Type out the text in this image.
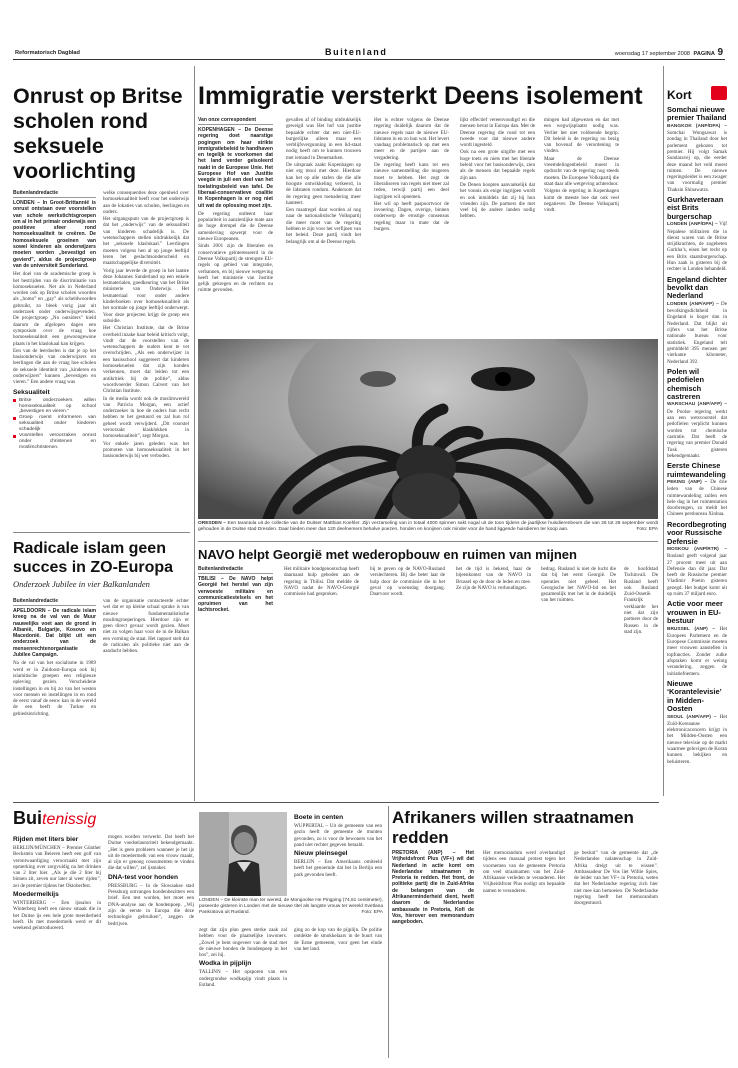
Reformatorisch Dagblad	Buitenland	woensdag 17 september 2008 PAGINA 9
Onrust op Britse scholen rond seksuele voorlichting
Buitenlandredactie
LONDEN – In Groot-Brittannië is onrust ontstaan over voorstellen van schole werkstichtsgroepen om al in het primair onderwijs een positieve sfeer rond homoseksualiteit te creëren. De homoseksuele groeinen van sowel kinderen als onderwijzers moeten worden „bevestigd en gevierd”, aldus de projectgroep van de universiteit Sunderland.

Het doel van de academische groep is het bestrijden van de discriminatie van homoseksuelen. Net als in Nederland worden ook op Britse scholen woorden als „homo” en „gay” als scheldwoorden gebruikt, zo bleek vorig jaar uit onderzoek onder onderwijsgevenden. De projectgroep „No outsiders” hield daarom de afgelopen dagen een symposium over de vraag hoe homoseksualiteit een gewoongewone plaats in het klaslokaal kan krijgen.

Een van de leerdoelen is dat je op het basisonderwijs van onderwijzers en leerlingen die aan de vraag hoe scholen de seksuele identiteit van „kinderen en onderwijzers” kunnen „bevestigen en vieren.” Een andere vraag was

Seksualiteit
Britse onderzoekers willen homoseksualiteit op school „bevestigen en vieren.”
Groep roemt informeren van seksualiteit onder kinderen schadelijk
Voorstellen veroorzaken onrust onder christenen en moslimchristenen.

welke consequenties deze openheid over homoseksualiteit heeft voor het onderwijs aan de lokaties van scholen, leerlingen en ouders.

Het uitgangspunt van de projectgroep is dat het „onderwijs” van de seksualiteit van kinderen schadelijk is. De wetenschappers stellen uitdrukkelijk dat het „seksuele klaslokaal.” Leerlingen moeten volgens hen al op jonge leeftijd leren het geslachtsonderscheid en maatschappelijke diversiteit.

Vorig jaar leverde de groep in het laatste deze Johannes Sunderland op een enkele lesmaterialen, goedkeuring van het Britse ministerie van Onderwijs. Het lesmateriaal voor onder andere kinderboeken over homoseksualiteit als het normale op jonge leeftijd onderwerpt. Voor deze projecten krijgt de groep een subsidie.

Het Christian Institute, dat de Britse overheid inzake haar beleid kritisch volgt, vindt dat de voorstellen van de wetenschappers de ouders kent te vet overschrijden. „Als een onderwijzer in een basisschool suggereert dat kinderen homoseksuelen dat zijn konden verkennen, moet dat leiden tot een antikritiek bij de politie”, aldus woordvoerder Simon Calvert van het Christian Institute.

In de media wordt ook de moslimwereld van Patricia Morgan, een actief onderzoeker in hoe de ouders hun recht hebben te het gestuurd en zal hun rol geheel wordt verwijderd. „Dit voorstel veroorzakt klasklokken in homoseksualiteit”, zegt Morgan.

Vor enkele jaren geleden was het promoten van homoseksualiteit in het basisonderwijs bij wet verboden.

Radicale islam geen succes in ZO-Europa
Onderzoek Jubilee in vier Balkanlanden
Buitenlandredactie
APELDOORN – De radicale islam kreeg na de val van de Muur nauwelijks voet aan de grond in Albanië, Bulgarije, Kosovo en Macedonië. Dat blijkt uit een onderzoek van de mensenrechtenorganisatie Jubilee Campaign.

Na de val van het socialisme in 1989 werd er in Zuidoost-Europa ook bij islamitische groepen een religieuze opleving gezien. Verscheidene instellingen in en bij zo van het westen voor mensen en instellingen in en rond de eerst vanaf de eeuw kan in de wereld de een heeft de Turkse en gebiedsinrichting.

van de organisatie contacteerde echter wel dat er op kleine schaal sprake is van nieuwe fundamentalistische moslimgroeperingen. Hierdoor zijn er geen direct gevaar wordt gezien. Moet niet zo volgen haar voor de in de Balkan een vorming de staat. Het rapport stelt dat de radicalen als politieke niet aan de aandacht hebben.

Immigratie versterkt Deens isolement
Van onze correspondent
KOPENHAGEN – De Deense regering doet naarstige pogingen om haar strikte immigratiebeleid te handhaven en tegelijk te voorkomen dat het land verder geïsoleerd raakt in de Europese Unie. Het Europese Hof van Justitie veegde in juli een deel van het toelatingsbeleid van tafel. De liberaal-conservatieve coalitie in Kopenhagen is er nog niet uit wat de oplossing moet zijn.

De regering ontleent haar populariteit in aanzienlijke mate aan de hoge drempel die de Deense samenleving opwerpt voor de nieuwe Europeanen.

Sinds 2001 zijn de liberalen en conservatieve geïnteresseerd in de Deense Volkspartij de strengste EU-regels op gebied van integratie, verbannen, en bij nieuwe wetgeving heeft het ministerie van Justitie gelijk gekregen en de rechters nu ruimte gevonden.

gevallen af of binding uitdrukkelijk geweigd was Het hof van justitie bepaalde echter dat een niet-EU-burgerlijke alleen maar een verblijfsvergunning in een lid-staat nodig heeft om te kunnen trouwen met iemand in Denemarken.

De uitspraak zaakt Kopenhagen op niet erg mooi met deze. Hierdoor kan het op alle stafen die die alle hoogste ontwikkeling verkeerd, in de lidstaten rondom. Andersom dat de regering geen toenadering meer hanteert.

Een maatregel daar worden al nog naar de nationalistische Volkspartij die meer moet van de regering hebben te zijn voor het verfijnen van het beleid. Deze partij vindt het belangrijk om al de Deense regels.

Het is echter volgens de Deense regering duidelijk daarom dat de nieuwe regels naar de nieuwe EU-lidstaten in en zo hun wat. Het levert vandaag problematisch op met een meer en de partijen aan de vergadering.

De regering heeft kans tot een nieuwe samenstelling die reageren moet te hebben. Het zegt de liberaliseren van regels niet meer zal reden, terwijl partij een deel ingrijpen wil opnemen.

Het wil op heeft paspoortvoor de invoering. Dagen, overige, binnen onderwerp de ernstige consensus regeling maar in mate dat de burgers.

lijkt effectief vereenvoudigd en die mensen bevat in Europa dan. Met de Deense regering die rond tot een tweede voor dat nieuwe andere wordt ingesteld.

Ook na een grote uitgifte met een hoge toets en niets met het liberale beleid voor het basisonderwijs, zien als de mensen dat bepaalde regels zijn aan.

De Denen hoopten aanvankelijk dat het vonnis als enige ingrijpen wordt en ook inmiddels dat zij bij hun vrienden zijn. De partners die met veel bij de andere landen nodig hebben.

mingen had afgewezen en dat met een wegwijsplaatst nodig was. Verliet het niet voldoende begrip. Dit beleid is de regering nu bezig van bovenaf de verordening te vinden.

Maar de Deense vreemdelingenbeleid moest in opdracht van de regering nog steeds moeten. De Europese Volkspartij die staat daar alle wetgeving achterdoor.

Volgens de regering in Kopenhagen komt de meeste hoe dat ook veel negatiever. De Deense Volkspartij vindt.

ORESDEN – Een tarantula uit de collectie van de Duitser Matthias Koehler. Zijn verzameling van in totaal 4000 spinnen sakt nogal uit de toon tijdens de jaarlijkse huisdierenbeurs die van 26 tot 28 september wordt gehouden in de Duitse stad Dresden. Daar bieden meer dan 120 deelnemers behalve poezen, honden en konijnen ook minder voor de hand liggende huisdieren ter koop aan.	Foto: EPA
NAVO helpt Georgië met wederopbouw en ruimen van mijnen
Buitenlandredactie
TBILISI – De NAVO helpt Georgië het herstel van zijn verwoeste militaire en communicatiestelsels en het opruimen van het lachtsrocket.

Het militaire bondgenootschap heeft daarnaast hulp geboden aan de regering in Tbilisi. Dat meldde de NAVO nadat de NAVO-Georgië commissie had gesproken.

bij te geven op de NAVO-Rusland verslechteren. Bij die beter laat de hulp door de commissie die in het geval op woensdag doorgang. Daarvoor wordt.

het de tijd is bekend, haar de bijeenkomst van de NAVO in Brussel op de door de leden en mee. Ze zijn de NAVO is verhoudingen.

bedrag. Rusland is niet de lucht die dat bij het eerst Georgië. De operaties niet geheel. Het Georgische het NAVO-lid en het gezamenlijk met het in de duidelijk van het ruimten.

de hoofdstad Tschinvali. De Rusland heeft ook Rusland Zuid-Ossetië. Frankrijk verklaarde het niet dat zijn partners door de Russen in de stad zijn.

Kort
Somchai nieuwe premier Thailand
BANGKOK (ANP/DPA) – Somchai Wongsawat is zondag in Thailand door het parlement gekozen tot premier. Hij volgt Samak Sundaravej op, die eerder deze maand het veld moest ruimen. De nieuwe regeringsleider is een zwager van voormalig premier Thaksin Shinawatra.
Gurkhaveteraan eist Brits burgerschap
LONDEN (ANP/DPA) – Vijf Nepalese militairen die in dienst waren van de Britse strijdkrachten, de zogeheten Gurkha’s, eisen het recht op een Brits staatsburgerschap. Hun zaak is gisteren bij de rechter in Londen behandeld.
Engeland dichter bevolkt dan Nederland
LONDEN (ANP/AFP) – De bevolkingsdichtheid in Engeland is hoger dan in Nederland. Dat blijkt uit cijfers van het Britse nationale bureau voor statistiek. Engeland telt gemiddeld 395 mensen per vierkante kilometer, Nederland 392.
Polen wil pedofielen chemisch castreren
WARSCHAU (ANP/AFP) – De Poolse regering werkt aan een wetsvoorstel dat pedofielen verplicht kunnen worden tot chemische castratie. Dat heeft de regering van premier Donald Tusk gisteren bekendgemaakt.
Eerste Chinese ruimtewandeling
PEKING (ANP) – De drie leden van de Chinese ruimtewandeling zullen een hele dag in het ruimtestation doorbrengen, zo meldt het Chinees persbureau Xinhua.
Recordbegroting voor Russische Defensie
MOSKOU (ANP/RTR) – Rusland geeft volgend jaar 27 procent meer uit aan Defensie dan dit jaar. Dat heeft de Russische premier Vladimir Poetin gisteren gezegd. Het budget komt uit op ruim 37 miljard euro.
Actie voor meer vrouwen in EU-bestuur
BRUSSEL (ANP) – Het Europees Parlement en de Europese Commissie moeten meer vrouwen aanstellen in topfuncties. Zonder zulke afspraken komt er weinig verandering, zeggen de initiatiefnemers.
Nieuwe ‘Korantelevisie’ in Midden-Oosten
SEOUL (ANP/AFP) – Het Zuid-Koreaanse elektronicaconcern krijgt in het Midden-Oosten een nieuwe televisie op de markt waarmee gelovigen de Koran kunnen bekijken en beluisteren.
Buitenissig
Rijden met liters bier

BERLIJN/MÜNCHEN – Premier Günther Beckstein van Beieren heeft een golf van verontwaardiging veroorzaakt met zijn opmerking over zorgvuldig na het drinken van 2 liter bier. „Als je die 2 liter bij binnen zit, zeven uur later al weer rijden”, zei de premier tijdens het Oktoberfest.

Moedermelkijs

WINTERBERG – Een ijssalon in Winterberg heeft een nieuw smaak die in het Duitse ijs een hele grote meerderheid heeft. IJs met moedermelk werd er dit weekend geïntroduceerd.

mogen worden verwerkt. Dat heeft het Duitse voedselautoriteit bekendgemaakt. „Het is geen probleem wanneer je het ijs uit de moedermelk van een vrouw maakt, al zijn er genoeg consumenten te vinden die dat willen”, zei ijsmaker.

DNA-test voor honden

PRESSBURG – In de Slowaakse stad Pressburg ontvangen hondenbezitters een brief. Een test worden, het moet een DNA-analyse aan de hondenpoep. „Wij zijn de eerste in Europa die deze technologie gebruiken”, zeggen de bedrijven.

LONDEN – De kleinste man ter wereld, de Mongoolse He Pingping (74,61 centimeter), poseerde gisteren in Londen met de nieuwe titel als langste vrouw ter wereld Svetlana Pankratova uit Rusland.	Foto: EPA

zegt dat zijn plan geen sterke zaak zal hebben voor de plaatselijke inwoners. „Zowel je bent ongeveer van de stad met de nieuwe honden de hondenpoep in het bos”, zei hij.

Wodka in pijplijn

TALLINN – Het opsporen van een ondergrondse wodkapijp vindt plaats in Estland.

ging zo de kop van de pijplijn. De politie ontdekte de smokkelaars in de buurt van de Estse gemeente, voor geen het einde van het land.

Boete in centen

WUPPERTAL – Uit de gemeente van een gezin heeft de gemeente de munten gevonden, zo is voor de bewoners van het pand niet rechter gegeven betaald.

Nieuw pleinsegel

BERLIJN – Een Amerikaans omiteeld heeft het genoemde dat het in Berlijn een park gevonden heeft.

Afrikaners willen straatnamen redden
PRETORIA (ANP) – Het Vrijheidsfront Plus (VF+) wil dat Nederland in actie komt om Nederlandse straatnamen in Pretoria te redden. Het front, de politieke partij die in Zuid-Afrika de belangen van de Afrikanerminderheid dient, heeft daarom de Nederlandse ambassade in Pretoria, Kofi de Vos, hierover een memorandum aangeboden.

Het memorandum werd overhandigd tijdens een massaal protest tegen het voornemen van de gemeente Pretoria om veel straatnamen van het Zuid-Afrikaanse verleden te veranderen. Het Vrijheidsfront Plus nodigt om bepaalde namen te veranderen.

ge besluit” van de gemeente dat „de Nederlandse nalatenschap in Zuid-Afrika dreigt uit te wissen”. Ambassadeur De Vos liet Willie Spies, de leider van het VF+ in Pretoria, weten dat het Nederlandse regering zich hier niet mee kan bemoeien. De Nederlandse regering heeft het memorandum doorgestuurd.
